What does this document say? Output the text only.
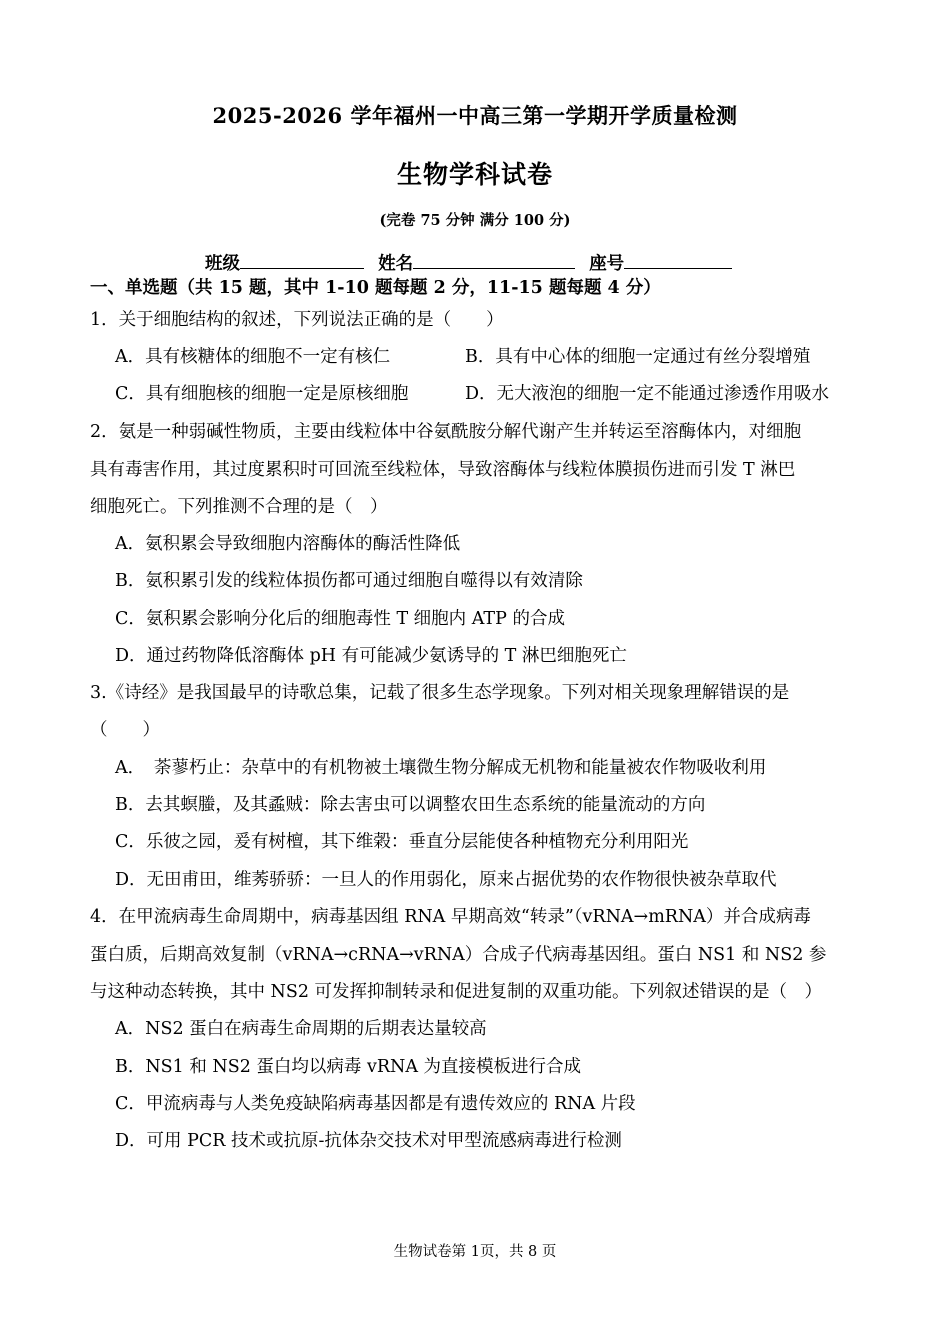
2025-2026 学年福州一中高三第一学期开学质量检测
生物学科试卷
(完卷 75 分钟 满分 100 分)
班级	姓名	座号
一、单选题（共 15 题，其中 1-10 题每题 2 分，11-15 题每题 4 分）
1．关于细胞结构的叙述，下列说法正确的是（　　）
A．具有核糖体的细胞不一定有核仁	B．具有中心体的细胞一定通过有丝分裂增殖
C．具有细胞核的细胞一定是原核细胞	D．无大液泡的细胞一定不能通过渗透作用吸水
2．氨是一种弱碱性物质，主要由线粒体中谷氨酰胺分解代谢产生并转运至溶酶体内，对细胞
具有毒害作用，其过度累积时可回流至线粒体，导致溶酶体与线粒体膜损伤进而引发 T 淋巴
细胞死亡。下列推测不合理的是（　）
A．氨积累会导致细胞内溶酶体的酶活性降低
B．氨积累引发的线粒体损伤都可通过细胞自噬得以有效清除
C．氨积累会影响分化后的细胞毒性 T 细胞内 ATP 的合成
D．通过药物降低溶酶体 pH 有可能减少氨诱导的 T 淋巴细胞死亡
3.《诗经》是我国最早的诗歌总集，记载了很多生态学现象。下列对相关现象理解错误的是
（　　）
A．　荼蓼朽止：杂草中的有机物被土壤微生物分解成无机物和能量被农作物吸收利用
B．去其螟螣，及其蟊贼：除去害虫可以调整农田生态系统的能量流动的方向
C．乐彼之园，爰有树檀，其下维榖：垂直分层能使各种植物充分利用阳光
D．无田甫田，维莠骄骄：一旦人的作用弱化，原来占据优势的农作物很快被杂草取代
4．在甲流病毒生命周期中，病毒基因组 RNA 早期高效“转录”（vRNA→mRNA）并合成病毒
蛋白质，后期高效复制（vRNA→cRNA→vRNA）合成子代病毒基因组。蛋白 NS1 和 NS2 参
与这种动态转换，其中 NS2 可发挥抑制转录和促进复制的双重功能。下列叙述错误的是（　）
A．NS2 蛋白在病毒生命周期的后期表达量较高
B．NS1 和 NS2 蛋白均以病毒 vRNA 为直接模板进行合成
C．甲流病毒与人类免疫缺陷病毒基因都是有遗传效应的 RNA 片段
D．可用 PCR 技术或抗原-抗体杂交技术对甲型流感病毒进行检测
生物试卷第 1页，共 8 页
